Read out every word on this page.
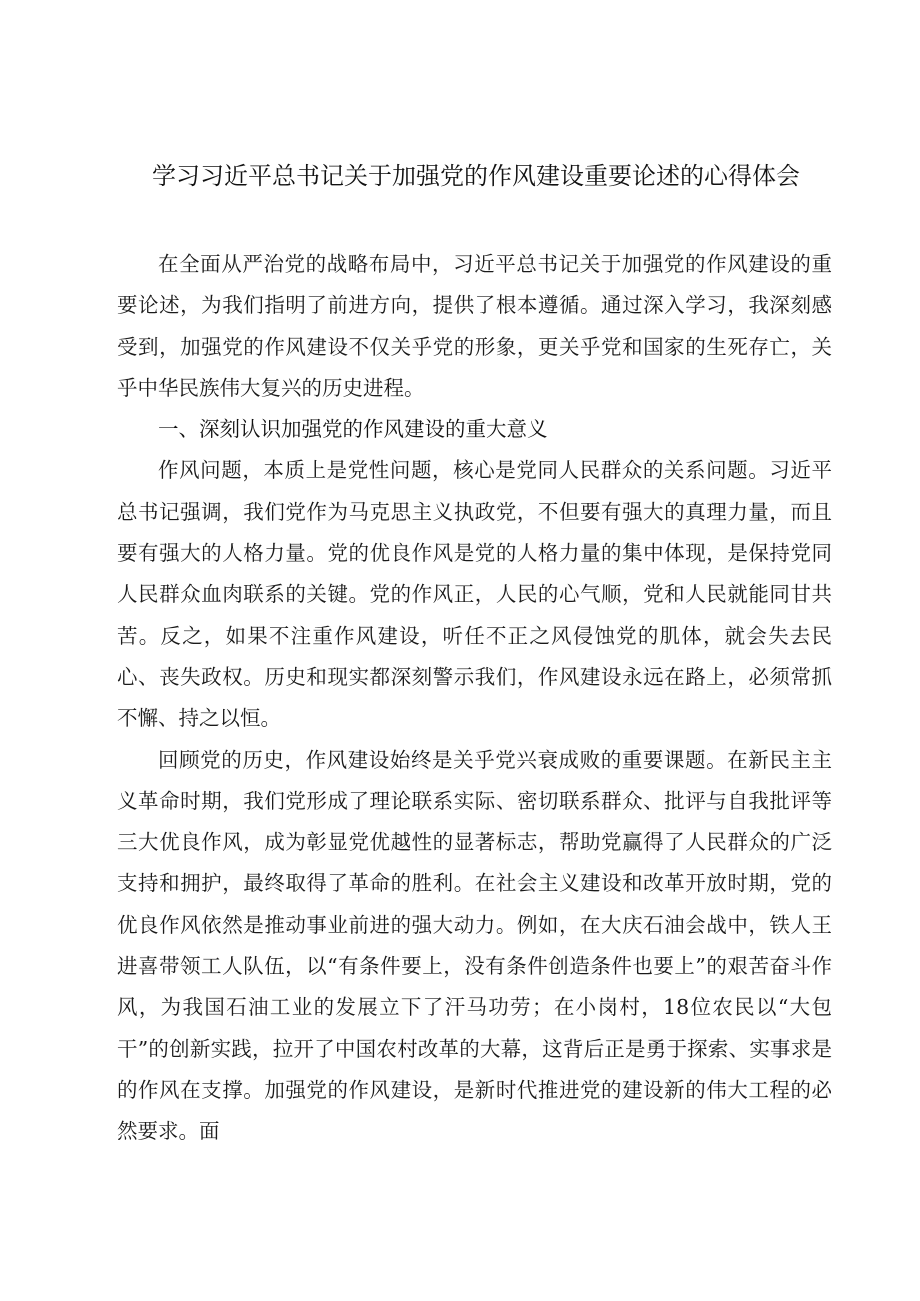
学习习近平总书记关于加强党的作风建设重要论述的心得体会

在全面从严治党的战略布局中，习近平总书记关于加强党的作风建设的重要论述，为我们指明了前进方向，提供了根本遵循。通过深入学习，我深刻感受到，加强党的作风建设不仅关乎党的形象，更关乎党和国家的生死存亡，关乎中华民族伟大复兴的历史进程。

一、深刻认识加强党的作风建设的重大意义

作风问题，本质上是党性问题，核心是党同人民群众的关系问题。习近平总书记强调，我们党作为马克思主义执政党，不但要有强大的真理力量，而且要有强大的人格力量。党的优良作风是党的人格力量的集中体现，是保持党同人民群众血肉联系的关键。党的作风正，人民的心气顺，党和人民就能同甘共苦。反之，如果不注重作风建设，听任不正之风侵蚀党的肌体，就会失去民心、丧失政权。历史和现实都深刻警示我们，作风建设永远在路上，必须常抓不懈、持之以恒。

回顾党的历史，作风建设始终是关乎党兴衰成败的重要课题。在新民主主义革命时期，我们党形成了理论联系实际、密切联系群众、批评与自我批评等三大优良作风，成为彰显党优越性的显著标志，帮助党赢得了人民群众的广泛支持和拥护，最终取得了革命的胜利。在社会主义建设和改革开放时期，党的优良作风依然是推动事业前进的强大动力。例如，在大庆石油会战中，铁人王进喜带领工人队伍，以“有条件要上，没有条件创造条件也要上”的艰苦奋斗作风，为我国石油工业的发展立下了汗马功劳；在小岗村，18位农民以“大包干”的创新实践，拉开了中国农村改革的大幕，这背后正是勇于探索、实事求是的作风在支撑。加强党的作风建设，是新时代推进党的建设新的伟大工程的必然要求。面
